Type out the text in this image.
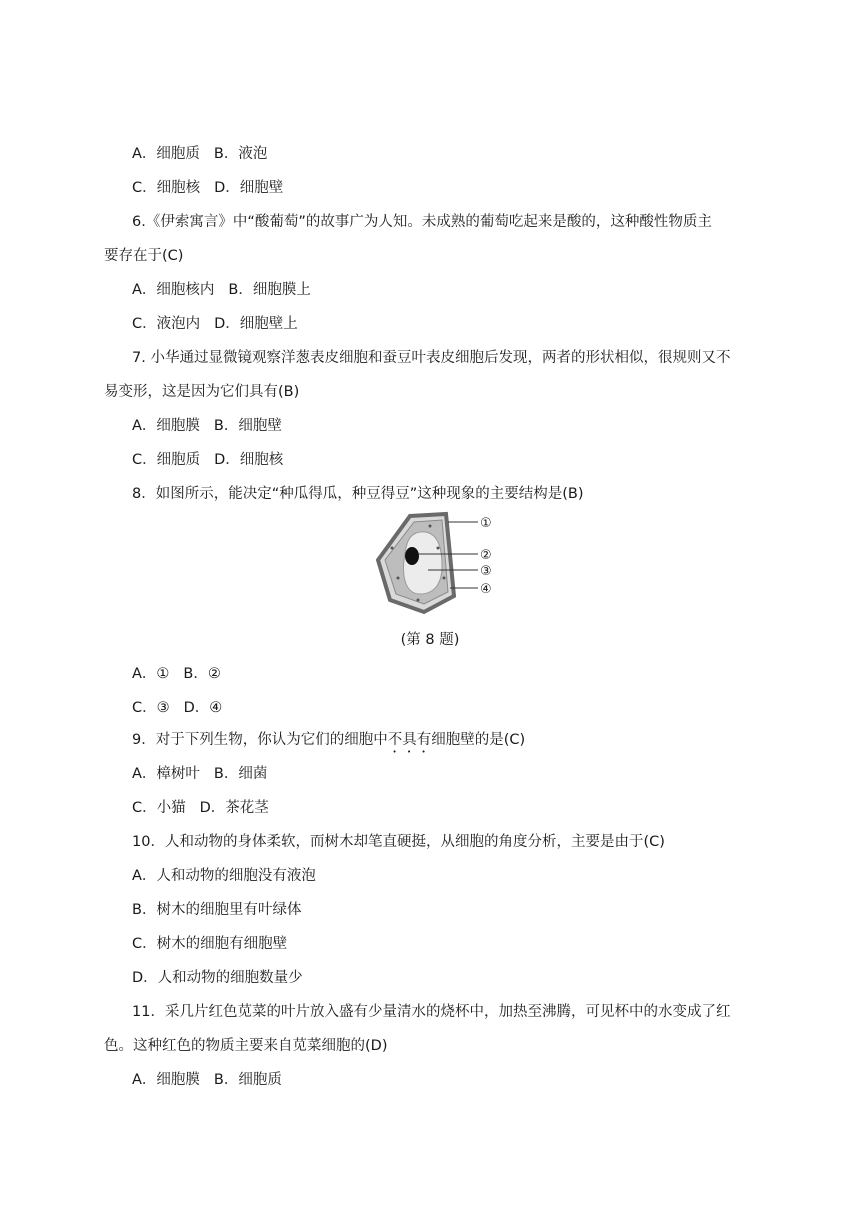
A．细胞质 B．液泡
C．细胞核 D．细胞壁
6.《伊索寓言》中“酸葡萄”的故事广为人知。未成熟的葡萄吃起来是酸的，这种酸性物质主
要存在于(C)
A．细胞核内 B．细胞膜上
C．液泡内 D．细胞壁上
7. 小华通过显微镜观察洋葱表皮细胞和蚕豆叶表皮细胞后发现，两者的形状相似，很规则又不
易变形，这是因为它们具有(B)
A．细胞膜 B．细胞壁
C．细胞质 D．细胞核
8．如图所示，能决定“种瓜得瓜，种豆得豆”这种现象的主要结构是(B)
①
②
③
④
(第 8 题)
A．① B．②
C．③ D．④
9．对于下列生物，你认为它们的细胞中不具有细胞壁的是(C)
A．樟树叶 B．细菌
C．小猫 D．茶花茎
10．人和动物的身体柔软，而树木却笔直硬挺，从细胞的角度分析，主要是由于(C)
A．人和动物的细胞没有液泡
B．树木的细胞里有叶绿体
C．树木的细胞有细胞壁
D．人和动物的细胞数量少
11．采几片红色苋菜的叶片放入盛有少量清水的烧杯中，加热至沸腾，可见杯中的水变成了红
色。这种红色的物质主要来自苋菜细胞的(D)
A．细胞膜 B．细胞质
